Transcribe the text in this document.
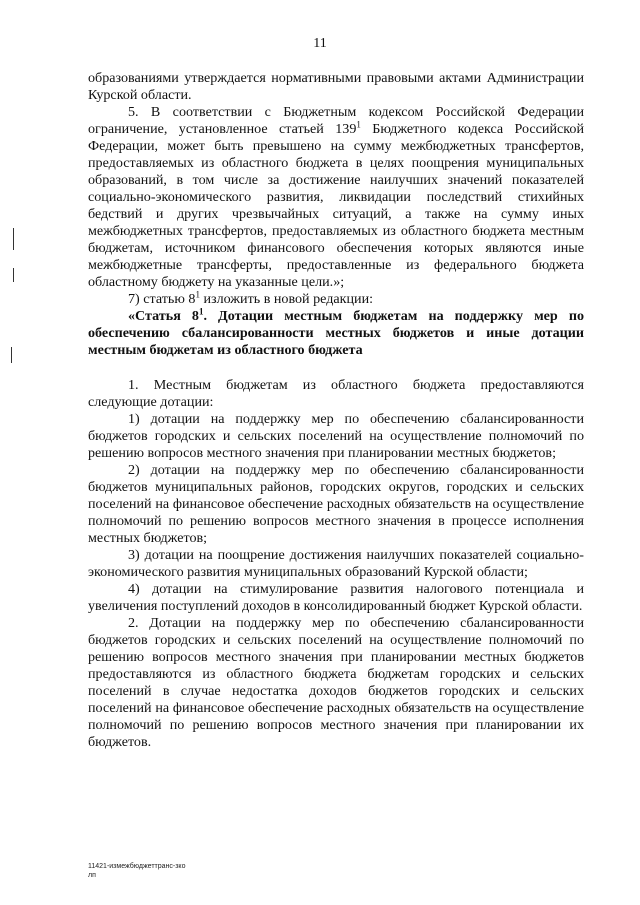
11

образованиями утверждается нормативными правовыми актами Администрации Курской области.

5. В соответствии с Бюджетным кодексом Российской Федерации ограничение, установленное статьей $139^1$ Бюджетного кодекса Российской Федерации, может быть превышено на сумму межбюджетных трансфертов, предоставляемых из областного бюджета в целях поощрения муниципальных образований, в том числе за достижение наилучших значений показателей социально-экономического развития, ликвидации последствий стихийных бедствий и других чрезвычайных ситуаций, а также на сумму иных межбюджетных трансфертов, предоставляемых из областного бюджета местным бюджетам, источником финансового обеспечения которых являются иные межбюджетные трансферты, предоставленные из федерального бюджета областному бюджету на указанные цели.»;

7) статью $8^1$ изложить в новой редакции:

«Статья $8^1$. Дотации местным бюджетам на поддержку мер по обеспечению сбалансированности местных бюджетов и иные дотации местным бюджетам из областного бюджета

1. Местным бюджетам из областного бюджета предоставляются следующие дотации:

1) дотации на поддержку мер по обеспечению сбалансированности бюджетов городских и сельских поселений на осуществление полномочий по решению вопросов местного значения при планировании местных бюджетов;

2) дотации на поддержку мер по обеспечению сбалансированности бюджетов муниципальных районов, городских округов, городских и сельских поселений на финансовое обеспечение расходных обязательств на осуществление полномочий по решению вопросов местного значения в процессе исполнения местных бюджетов;

3) дотации на поощрение достижения наилучших показателей социально-экономического развития муниципальных образований Курской области;

4) дотации на стимулирование развития налогового потенциала и увеличения поступлений доходов в консолидированный бюджет Курской области.

2. Дотации на поддержку мер по обеспечению сбалансированности бюджетов городских и сельских поселений на осуществление полномочий по решению вопросов местного значения при планировании местных бюджетов предоставляются из областного бюджета бюджетам городских и сельских поселений в случае недостатка доходов бюджетов городских и сельских поселений на финансовое обеспечение расходных обязательств на осуществление полномочий по решению вопросов местного значения при планировании их бюджетов.

11421-измежбюджеттранс-зко
лп
